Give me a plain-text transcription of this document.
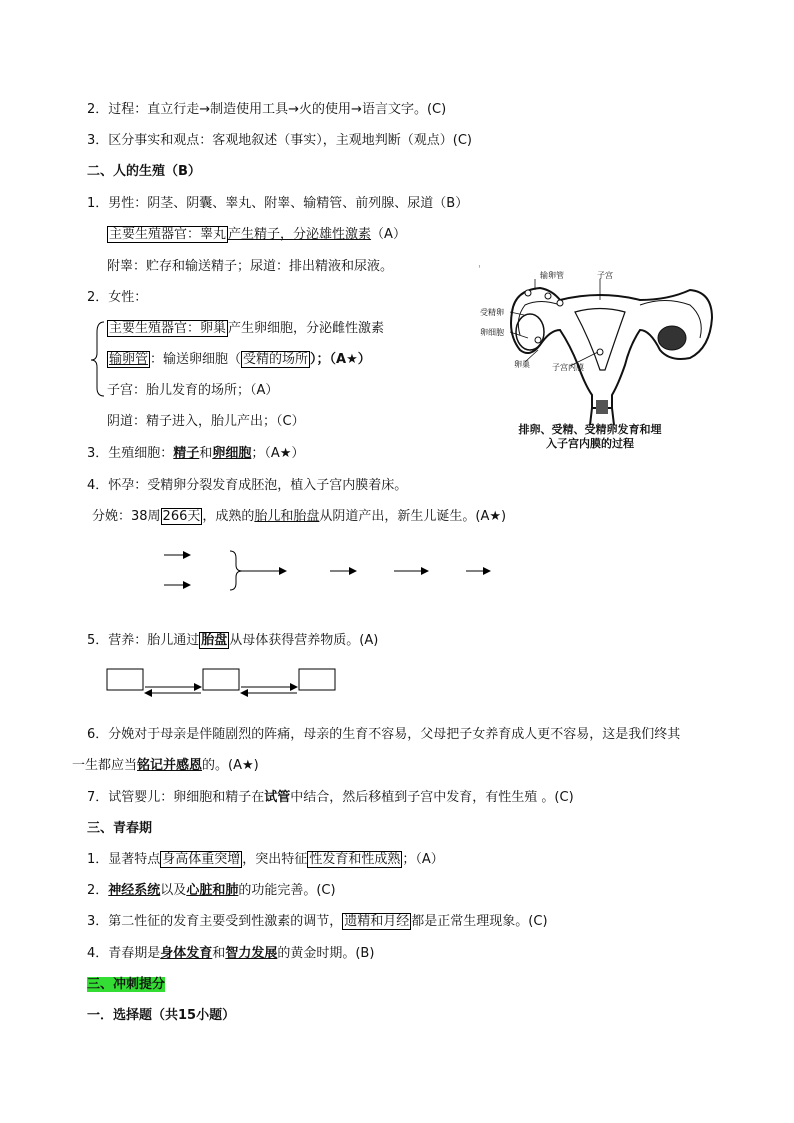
2．过程：直立行走→制造使用工具→火的使用→语言文字。(C)
3．区分事实和观点：客观地叙述（事实），主观地判断（观点）(C)
二、人的生殖（B）
1．男性：阴茎、阴囊、睾丸、附睾、输精管、前列腺、尿道（B）
主要生殖器官：睾丸 产生精子，分泌雄性激素（A）
附睾：贮存和输送精子；尿道：排出精液和尿液。
2．女性：
主要生殖器官：卵巢 产生卵细胞，分泌雌性激素
输卵管 ：输送卵细胞（ 受精的场所 ）；（A★）
子宫：胎儿发育的场所；（A）
阴道：精子进入，胎儿产出；（C）
3．生殖细胞：精子和卵细胞；（A★）
4．怀孕：受精卵分裂发育成胚泡，植入子宫内膜着床。
分娩：38周 266天 ，成熟的胎儿和胎盘从阴道产出，新生儿诞生。(A★)
5．营养：胎儿通过 胎盘 从母体获得营养物质。(A)
6．分娩对于母亲是伴随剧烈的阵痛，母亲的生育不容易，父母把子女养育成人更不容易，这是我们终其
一生都应当铭记并感恩的。(A★)
7．试管婴儿：卵细胞和精子在试管中结合，然后移植到子宫中发育，有性生殖 。(C)
三、青春期
1．显著特点 身高体重突增 ，突出特征 性发育和性成熟 ；（A）
2．神经系统以及心脏和肺的功能完善。(C)
3．第二性征的发育主要受到性激素的调节， 遗精和月经 都是正常生理现象。(C)
4．青春期是身体发育和智力发展的黄金时期。(B)
三、冲刺提分
一．选择题（共15小题）
'
输卵管	子宫
受精卵
卵细胞
卵巢	子宫内膜
排卵、受精、受精卵发育和埋
入子宫内膜的过程
